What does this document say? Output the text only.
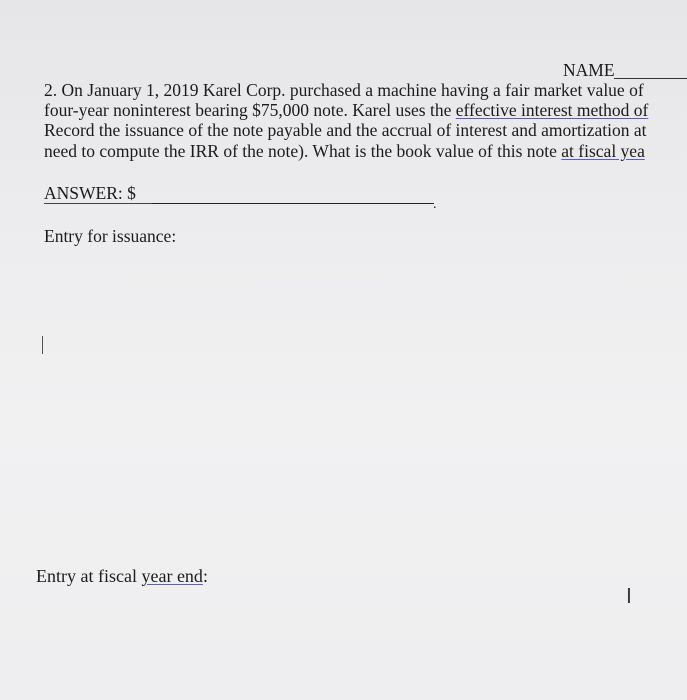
NAME
2. On January 1, 2019 Karel Corp. purchased a machine having a fair market value of
four-year noninterest bearing $75,000 note. Karel uses the effective interest method of
Record the issuance of the note payable and the accrual of interest and amortization at
need to compute the IRR of the note). What is the book value of this note at fiscal yea
ANSWER: $
.
Entry for issuance:
Entry at fiscal year end:
I
